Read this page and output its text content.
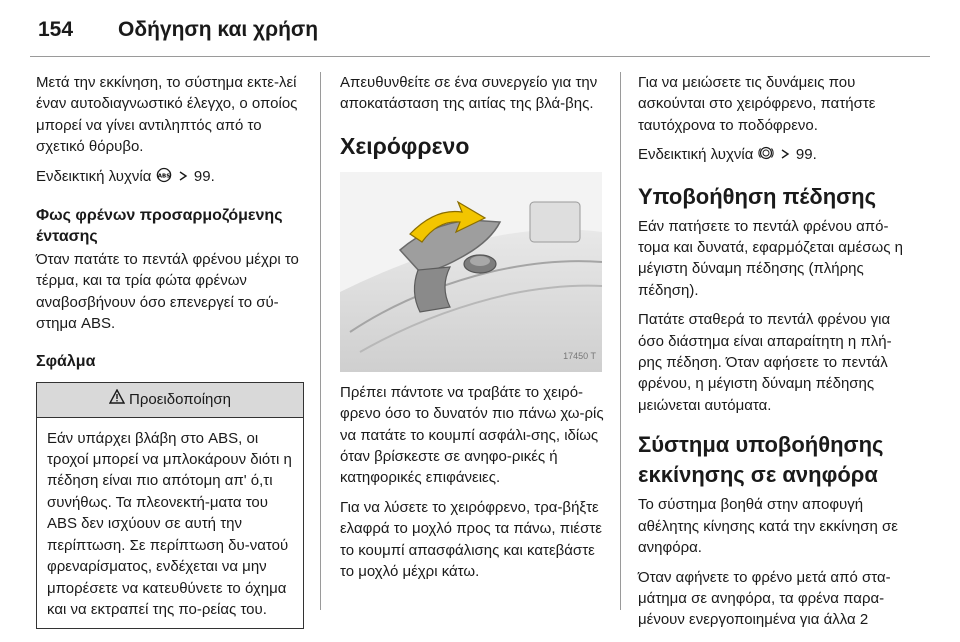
154 Οδήγηση και χρήση

Μετά την εκκίνηση, το σύστημα εκτε-λεί έναν αυτοδιαγνωστικό έλεγχο, ο οποίος μπορεί να γίνει αντιληπτός από το σχετικό θόρυβο.

Ενδεικτική λυχνία ABS 99.

Φως φρένων προσαρμοζόμενης έντασης

Όταν πατάτε το πεντάλ φρένου μέχρι το τέρμα, και τα τρία φώτα φρένων αναβοσβήνουν όσο επενεργεί το σύ-στημα ABS.

Σφάλμα
Προειδοποίηση
Εάν υπάρχει βλάβη στο ABS, οι τροχοί μπορεί να μπλοκάρουν διότι η πέδηση είναι πιο απότομη απ' ό,τι συνήθως. Τα πλεονεκτή-ματα του ABS δεν ισχύουν σε αυτή την περίπτωση. Σε περίπτωση δυ-νατού φρεναρίσματος, ενδέχεται να μην μπορέσετε να κατευθύνετε το όχημα και να εκτραπεί της πο-ρείας του.

Απευθυνθείτε σε ένα συνεργείο για την αποκατάσταση της αιτίας της βλά-βης.

Χειρόφρενο
17450 T

Πρέπει πάντοτε να τραβάτε το χειρό-φρενο όσο το δυνατόν πιο πάνω χω-ρίς να πατάτε το κουμπί ασφάλι-σης, ιδίως όταν βρίσκεστε σε ανηφο-ρικές ή κατηφορικές επιφάνειες.

Για να λύσετε το χειρόφρενο, τρα-βήξτε ελαφρά το μοχλό προς τα πάνω, πιέστε το κουμπί απασφάλισης και κατεβάστε το μοχλό μέχρι κάτω.

Για να μειώσετε τις δυνάμεις που ασκούνται στο χειρόφρενο, πατήστε ταυτόχρονα το ποδόφρενο.

Ενδεικτική λυχνία	99.

Υποβοήθηση πέδησης

Εάν πατήσετε το πεντάλ φρένου από-τομα και δυνατά, εφαρμόζεται αμέσως η μέγιστη δύναμη πέδησης (πλήρης πέδηση).

Πατάτε σταθερά το πεντάλ φρένου για όσο διάστημα είναι απαραίτητη η πλή-ρης πέδηση. Όταν αφήσετε το πεντάλ φρένου, η μέγιστη δύναμη πέδησης μειώνεται αυτόματα.

Σύστημα υποβοήθησης εκκίνησης σε ανηφόρα

Το σύστημα βοηθά στην αποφυγή αθέλητης κίνησης κατά την εκκίνηση σε ανηφόρα.

Όταν αφήνετε το φρένο μετά από στα-μάτημα σε ανηφόρα, τα φρένα παρα-μένουν ενεργοποιημένα για άλλα 2
